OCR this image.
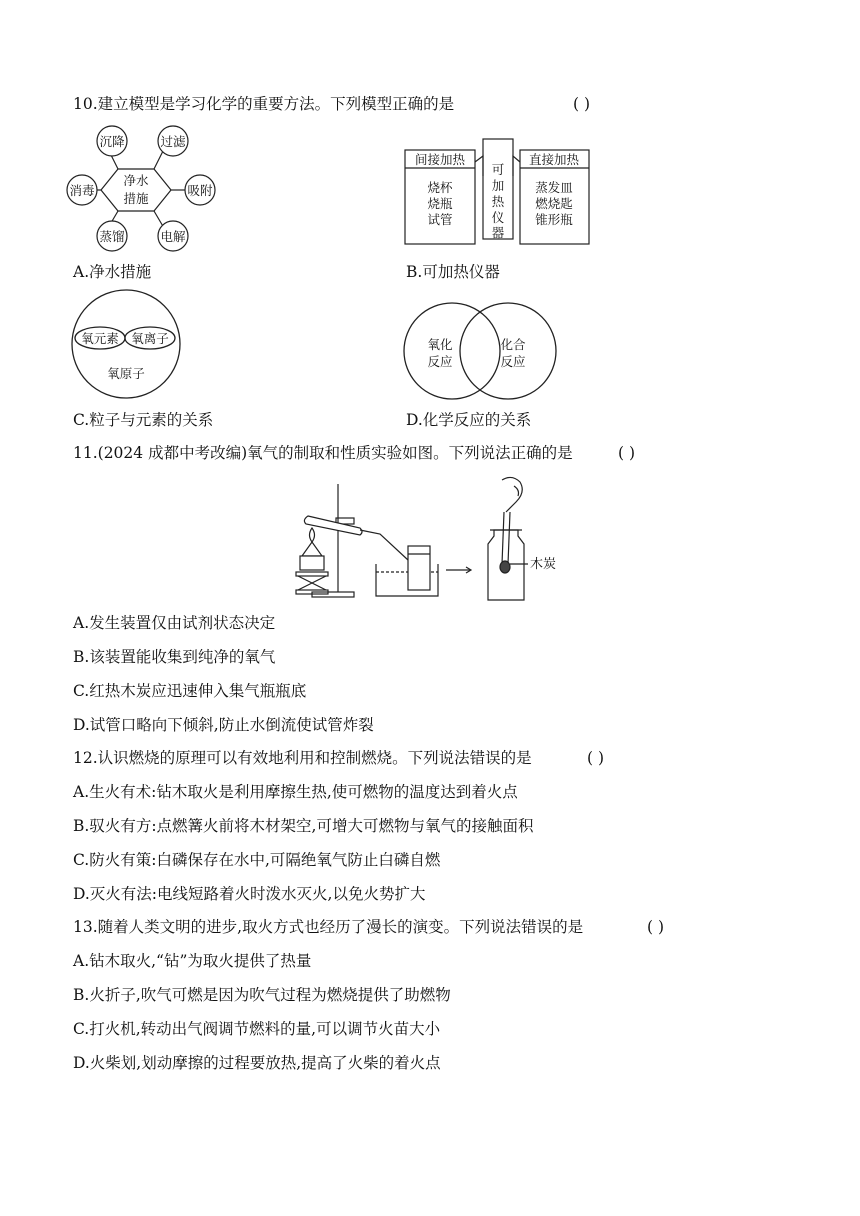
10.建立模型是学习化学的重要方法。下列模型正确的是	( )
净水
措施
沉降	过滤
吸附
电解
蒸馏
消毒
A.净水措施
间接加热
烧杯
烧瓶
试管
可
加
热
仪
器
直接加热
蒸发皿
燃烧匙
锥形瓶
B.可加热仪器
氧元素 氧离子
氧原子
C.粒子与元素的关系
氧化
反应
化合
反应
D.化学反应的关系
11.(2024 成都中考改编)氧气的制取和性质实验如图。下列说法正确的是	( )
木炭
A.发生装置仅由试剂状态决定
B.该装置能收集到纯净的氧气
C.红热木炭应迅速伸入集气瓶瓶底
D.试管口略向下倾斜,防止水倒流使试管炸裂
12.认识燃烧的原理可以有效地利用和控制燃烧。下列说法错误的是	( )
A.生火有术:钻木取火是利用摩擦生热,使可燃物的温度达到着火点
B.驭火有方:点燃篝火前将木材架空,可增大可燃物与氧气的接触面积
C.防火有策:白磷保存在水中,可隔绝氧气防止白磷自燃
D.灭火有法:电线短路着火时泼水灭火,以免火势扩大
13.随着人类文明的进步,取火方式也经历了漫长的演变。下列说法错误的是	( )
A.钻木取火,“钻”为取火提供了热量
B.火折子,吹气可燃是因为吹气过程为燃烧提供了助燃物
C.打火机,转动出气阀调节燃料的量,可以调节火苗大小
D.火柴划,划动摩擦的过程要放热,提高了火柴的着火点
